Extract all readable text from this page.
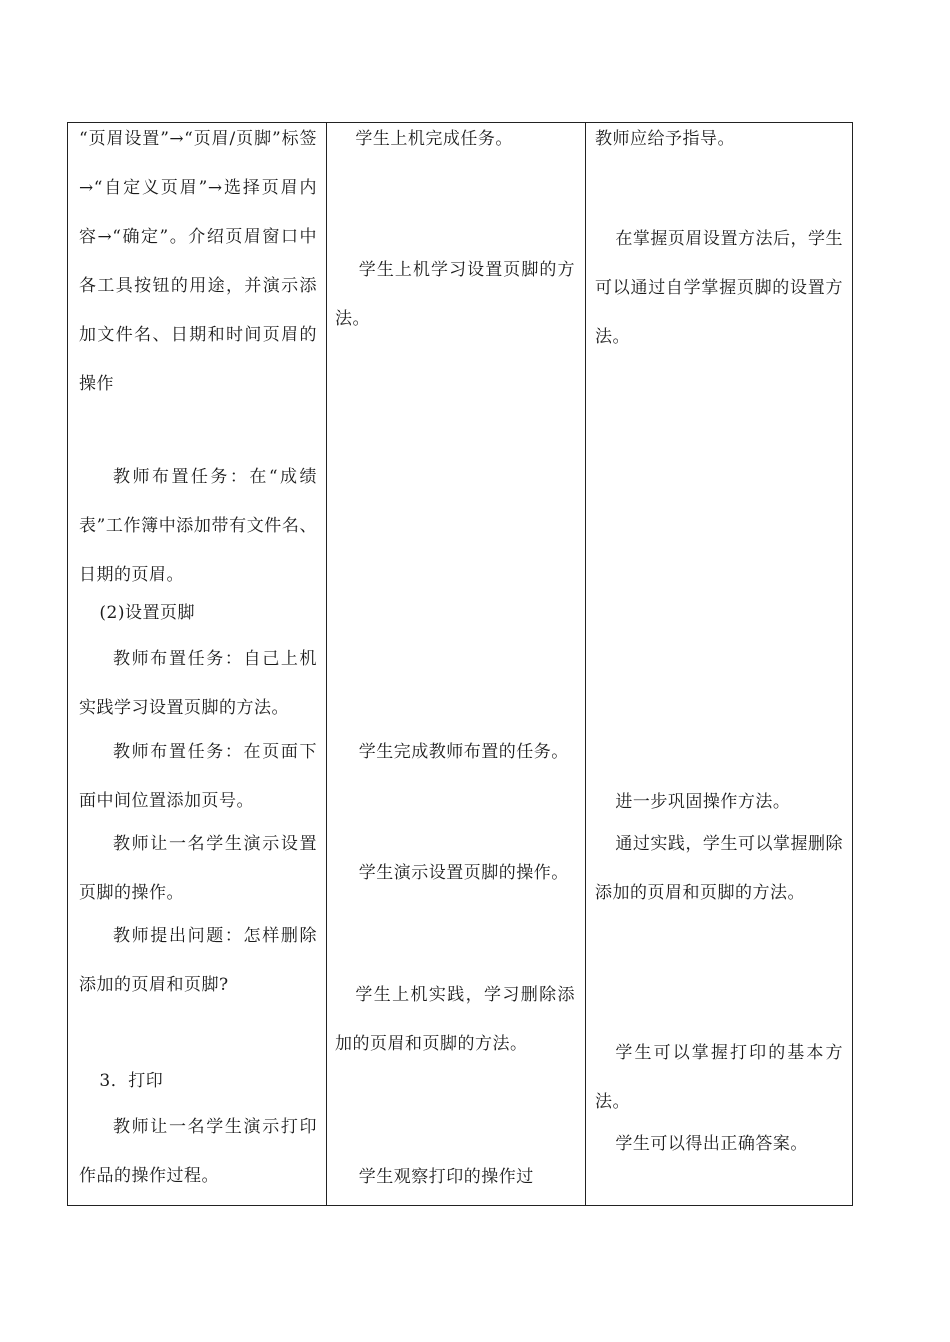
“页眉设置”→“页眉/页脚”标签→“自定义页眉”→选择页眉内容→“确定”。介绍页眉窗口中各工具按钮的用途，并演示添加文件名、日期和时间页眉的操作

教师布置任务：在“成绩表”工作簿中添加带有文件名、日期的页眉。

(2)设置页脚

教师布置任务：自己上机实践学习设置页脚的方法。

教师布置任务：在页面下面中间位置添加页号。

教师让一名学生演示设置页脚的操作。

教师提出问题：怎样删除添加的页眉和页脚?

3．打印

教师让一名学生演示打印作品的操作过程。

学生上机完成任务。

学生上机学习设置页脚的方法。

学生完成教师布置的任务。

学生演示设置页脚的操作。

学生上机实践，学习删除添加的页眉和页脚的方法。

学生观察打印的操作过

教师应给予指导。

在掌握页眉设置方法后，学生可以通过自学掌握页脚的设置方法。

进一步巩固操作方法。

通过实践，学生可以掌握删除添加的页眉和页脚的方法。

学生可以掌握打印的基本方法。

学生可以得出正确答案。
